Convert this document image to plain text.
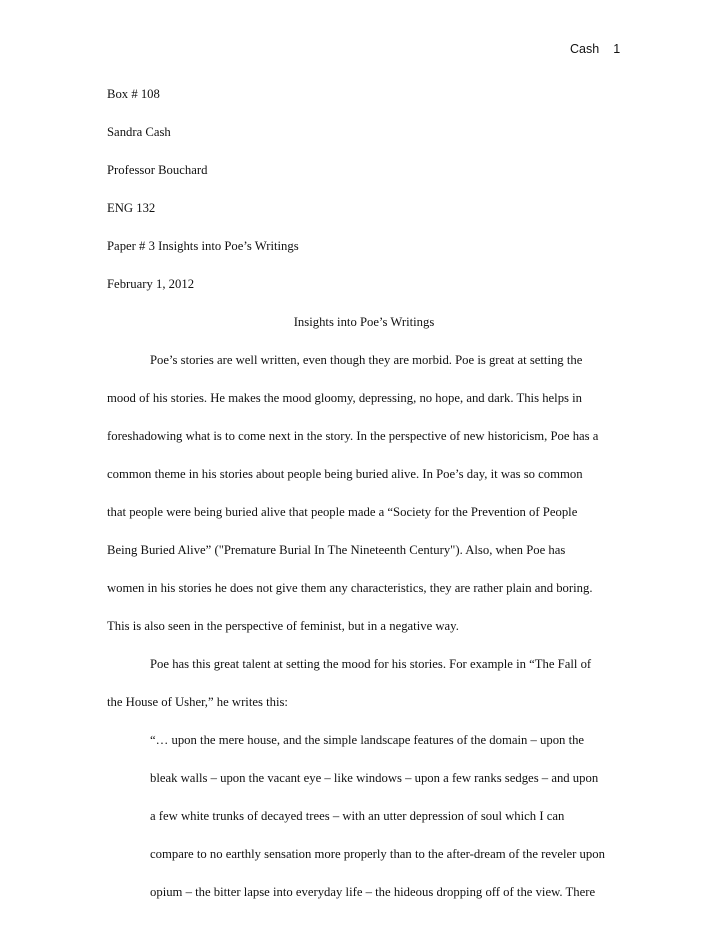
Cash 1
Box # 108
Sandra Cash
Professor Bouchard
ENG 132
Paper # 3 Insights into Poe’s Writings
February 1, 2012
Insights into Poe’s Writings
Poe’s stories are well written, even though they are morbid. Poe is great at setting the
mood of his stories. He makes the mood gloomy, depressing, no hope, and dark. This helps in
foreshadowing what is to come next in the story. In the perspective of new historicism, Poe has a
common theme in his stories about people being buried alive. In Poe’s day, it was so common
that people were being buried alive that people made a “Society for the Prevention of People
Being Buried Alive” ("Premature Burial In The Nineteenth Century"). Also, when Poe has
women in his stories he does not give them any characteristics, they are rather plain and boring.
This is also seen in the perspective of feminist, but in a negative way.
Poe has this great talent at setting the mood for his stories. For example in “The Fall of
the House of Usher,” he writes this:
“… upon the mere house, and the simple landscape features of the domain – upon the
bleak walls – upon the vacant eye – like windows – upon a few ranks sedges – and upon
a few white trunks of decayed trees – with an utter depression of soul which I can
compare to no earthly sensation more properly than to the after-dream of the reveler upon
opium – the bitter lapse into everyday life – the hideous dropping off of the view. There
